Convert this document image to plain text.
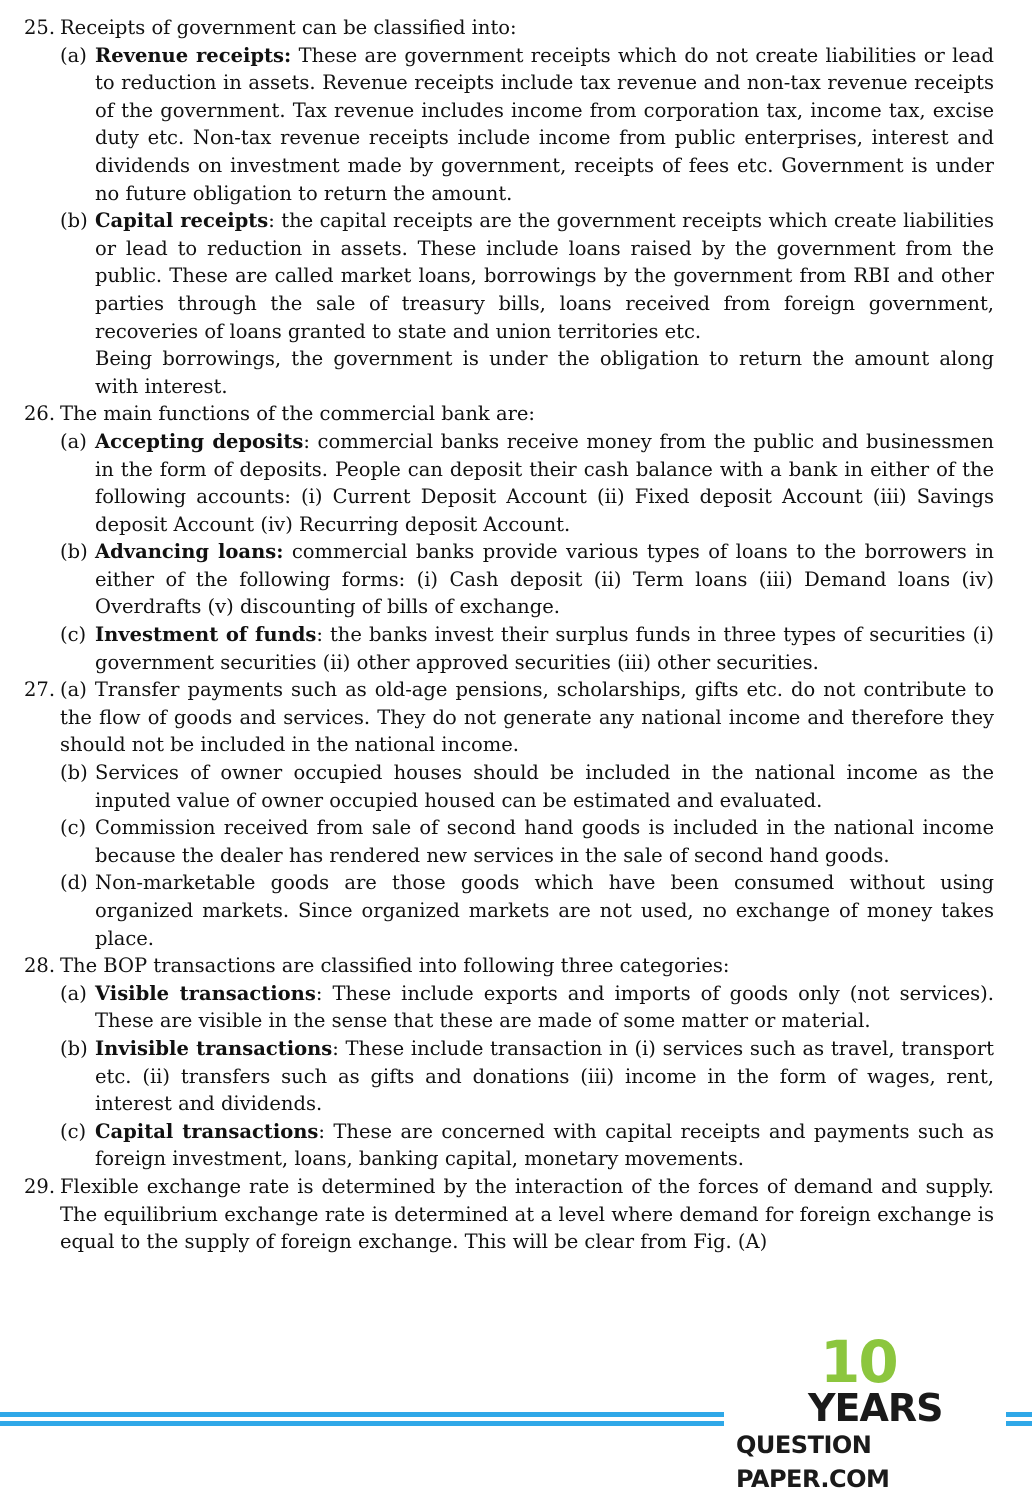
25. Receipts of government can be classified into:
(a) Revenue receipts: These are government receipts which do not create liabilities or lead to reduction in assets. Revenue receipts include tax revenue and non-tax revenue receipts of the government. Tax revenue includes income from corporation tax, income tax, excise duty etc. Non-tax revenue receipts include income from public enterprises, interest and dividends on investment made by government, receipts of fees etc. Government is under no future obligation to return the amount.
(b) Capital receipts: the capital receipts are the government receipts which create liabilities or lead to reduction in assets. These include loans raised by the government from the public. These are called market loans, borrowings by the government from RBI and other parties through the sale of treasury bills, loans received from foreign government, recoveries of loans granted to state and union territories etc.
Being borrowings, the government is under the obligation to return the amount along with interest.
26. The main functions of the commercial bank are:
(a) Accepting deposits: commercial banks receive money from the public and businessmen in the form of deposits. People can deposit their cash balance with a bank in either of the following accounts: (i) Current Deposit Account (ii) Fixed deposit Account (iii) Savings deposit Account (iv) Recurring deposit Account.
(b) Advancing loans: commercial banks provide various types of loans to the borrowers in either of the following forms: (i) Cash deposit (ii) Term loans (iii) Demand loans (iv) Overdrafts (v) discounting of bills of exchange.
(c) Investment of funds: the banks invest their surplus funds in three types of securities (i) government securities (ii) other approved securities (iii) other securities.
27. (a) Transfer payments such as old-age pensions, scholarships, gifts etc. do not contribute to the flow of goods and services. They do not generate any national income and therefore they should not be included in the national income.
(b) Services of owner occupied houses should be included in the national income as the inputed value of owner occupied housed can be estimated and evaluated.
(c) Commission received from sale of second hand goods is included in the national income because the dealer has rendered new services in the sale of second hand goods.
(d) Non-marketable goods are those goods which have been consumed without using organized markets. Since organized markets are not used, no exchange of money takes place.
28. The BOP transactions are classified into following three categories:
(a) Visible transactions: These include exports and imports of goods only (not services). These are visible in the sense that these are made of some matter or material.
(b) Invisible transactions: These include transaction in (i) services such as travel, transport etc. (ii) transfers such as gifts and donations (iii) income in the form of wages, rent, interest and dividends.
(c) Capital transactions: These are concerned with capital receipts and payments such as foreign investment, loans, banking capital, monetary movements.
29. Flexible exchange rate is determined by the interaction of the forces of demand and supply. The equilibrium exchange rate is determined at a level where demand for foreign exchange is equal to the supply of foreign exchange. This will be clear from Fig. (A)
10
YEARS
QUESTION PAPER.COM
